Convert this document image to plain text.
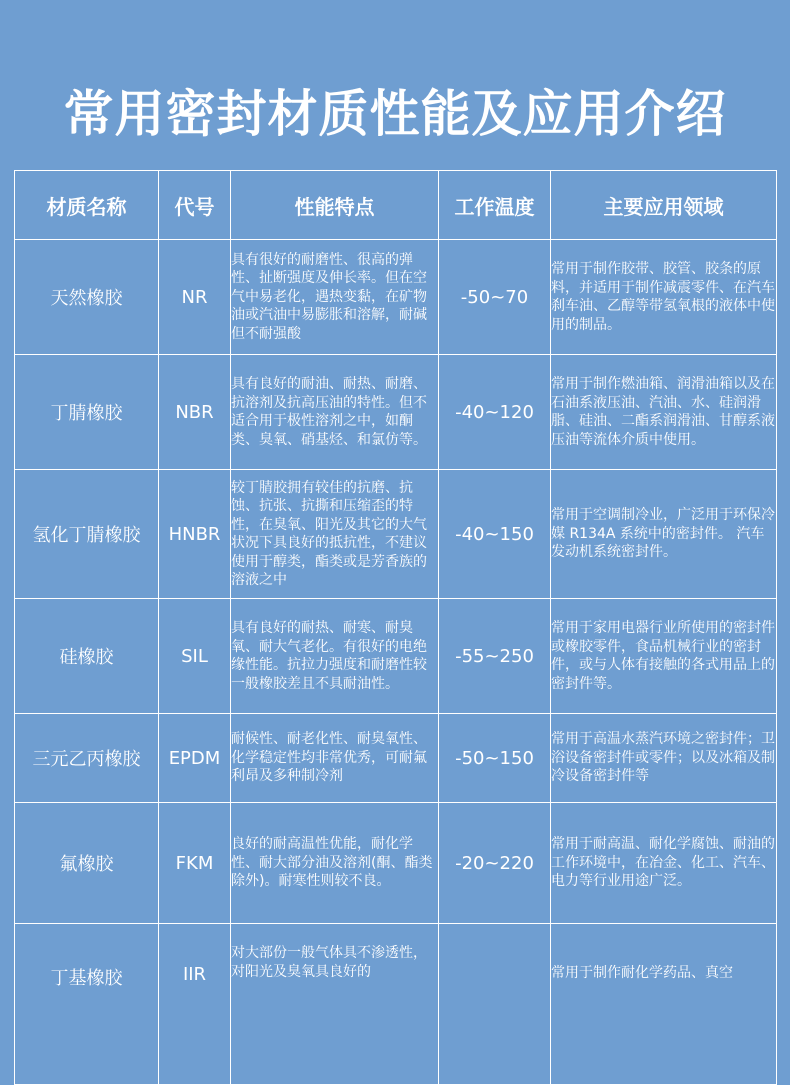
常用密封材质性能及应用介绍
材质名称	代号	性能特点	工作温度	主要应用领域
天然橡胶	NR	具有很好的耐磨性、很高的弹性、扯断强度及伸长率。但在空气中易老化，遇热变黏，在矿物油或汽油中易膨胀和溶解，耐碱但不耐强酸	-50~70	常用于制作胶带、胶管、胶条的原料，并适用于制作减震零件、在汽车刹车油、乙醇等带氢氧根的液体中使用的制品。
丁腈橡胶	NBR	具有良好的耐油、耐热、耐磨、抗溶剂及抗高压油的特性。但不适合用于极性溶剂之中，如酮类、臭氧、硝基烃、和氯仿等。	-40~120	常用于制作燃油箱、润滑油箱以及在石油系液压油、汽油、水、硅润滑脂、硅油、二酯系润滑油、甘醇系液压油等流体介质中使用。
氢化丁腈橡胶	HNBR	较丁腈胶拥有较佳的抗磨、抗蚀、抗张、抗撕和压缩歪的特性，在臭氧、阳光及其它的大气状况下具良好的抵抗性，不建议使用于醇类，酯类或是芳香族的溶液之中	-40~150	常用于空调制冷业，广泛用于环保冷媒 R134A 系统中的密封件。 汽车发动机系统密封件。
硅橡胶	SIL	具有良好的耐热、耐寒、耐臭氧、耐大气老化。有很好的电绝缘性能。抗拉力强度和耐磨性较一般橡胶差且不具耐油性。	-55~250	常用于家用电器行业所使用的密封件或橡胶零件，食品机械行业的密封件，或与人体有接触的各式用品上的密封件等。
三元乙丙橡胶	EPDM	耐候性、耐老化性、耐臭氧性、化学稳定性均非常优秀，可耐氟利昂及多种制冷剂	-50~150	常用于高温水蒸汽环境之密封件；卫浴设备密封件或零件；以及冰箱及制冷设备密封件等
氟橡胶	FKM	良好的耐高温性优能，耐化学性、耐大部分油及溶剂(酮、酯类除外)。耐寒性则较不良。	-20~220	常用于耐高温、耐化学腐蚀、耐油的工作环境中，在冶金、化工、汽车、电力等行业用途广泛。
丁基橡胶	IIR	对大部份一般气体具不渗透性，对阳光及臭氧具良好的		常用于制作耐化学药品、真空
